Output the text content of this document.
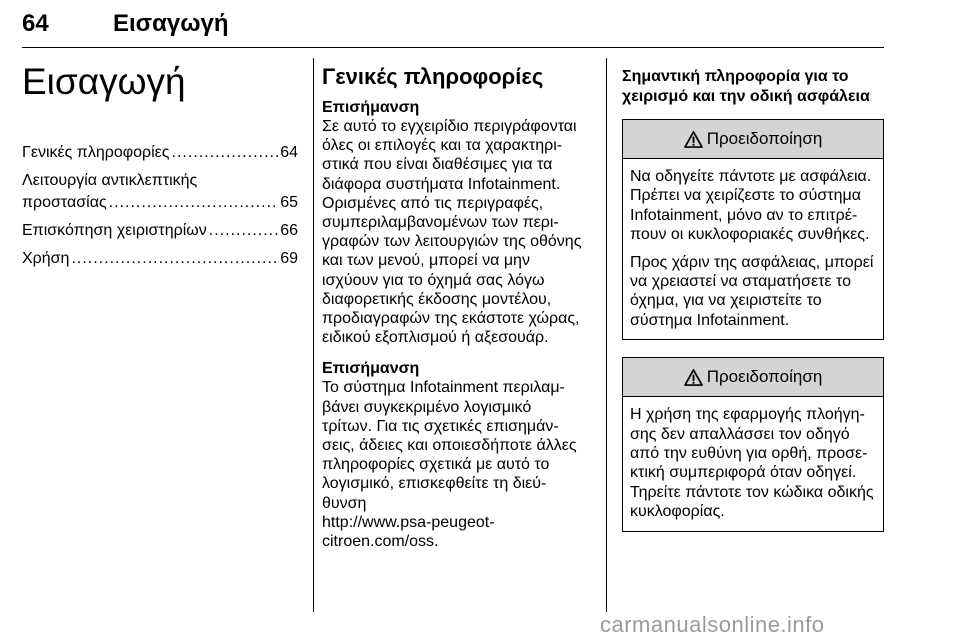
64	Εισαγωγή
Εισαγωγή
Γενικές πληροφορίες .....	64
Λειτουργία αντικλεπτικής
προστασίας .....	65
Επισκόπηση χειριστηρίων .....	66
Χρήση .....	69
Γενικές πληροφορίες
Επισήμανση
Σε αυτό το εγχειρίδιο περιγράφονται
όλες οι επιλογές και τα χαρακτηρι-
στικά που είναι διαθέσιμες για τα
διάφορα συστήματα Infotainment.
Ορισμένες από τις περιγραφές,
συμπεριλαμβανομένων των περι-
γραφών των λειτουργιών της οθόνης
και των μενού, μπορεί να μην
ισχύουν για το όχημά σας λόγω
διαφορετικής έκδοσης μοντέλου,
προδιαγραφών της εκάστοτε χώρας,
ειδικού εξοπλισμού ή αξεσουάρ.
Επισήμανση
Το σύστημα Infotainment περιλαμ-
βάνει συγκεκριμένο λογισμικό
τρίτων. Για τις σχετικές επισημάν-
σεις, άδειες και οποιεσδήποτε άλλες
πληροφορίες σχετικά με αυτό το
λογισμικό, επισκεφθείτε τη διεύ-
θυνση
http://www.psa-peugeot-
citroen.com/oss.
Σημαντική πληροφορία για το
χειρισμό και την οδική ασφάλεια
Προειδοποίηση

Να οδηγείτε πάντοτε με ασφάλεια.
Πρέπει να χειρίζεστε το σύστημα
Infotainment, μόνο αν το επιτρέ-
πουν οι κυκλοφοριακές συνθήκες.

Προς χάριν της ασφάλειας, μπορεί
να χρειαστεί να σταματήσετε το
όχημα, για να χειριστείτε το
σύστημα Infotainment.

Προειδοποίηση

Η χρήση της εφαρμογής πλοήγη-
σης δεν απαλλάσσει τον οδηγό
από την ευθύνη για ορθή, προσε-
κτική συμπεριφορά όταν οδηγεί.
Τηρείτε πάντοτε τον κώδικα οδικής
κυκλοφορίας.

carmanualsonline.info
